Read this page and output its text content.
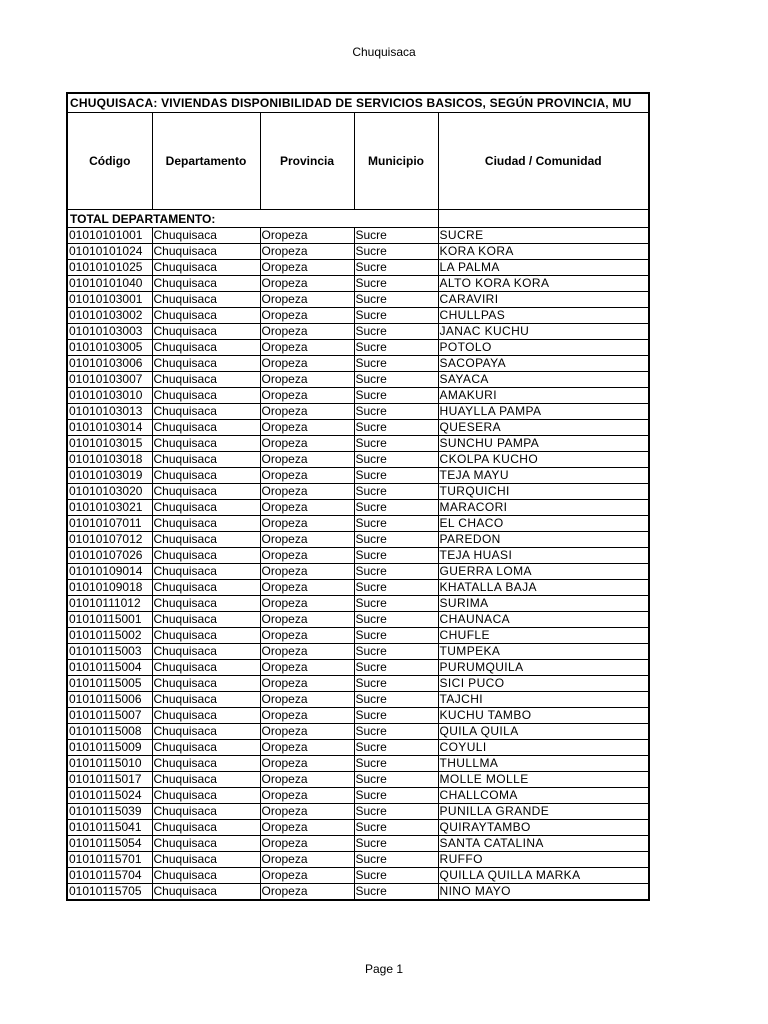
Chuquisaca
CHUQUISACA: VIVIENDAS DISPONIBILIDAD DE SERVICIOS BASICOS, SEGÚN PROVINCIA, MU				
Código	Departamento	Provincia	Municipio	Ciudad / Comunidad
TOTAL DEPARTAMENTO:				
01010101001	Chuquisaca	Oropeza	Sucre	SUCRE
01010101024	Chuquisaca	Oropeza	Sucre	KORA KORA
01010101025	Chuquisaca	Oropeza	Sucre	LA PALMA
01010101040	Chuquisaca	Oropeza	Sucre	ALTO KORA KORA
01010103001	Chuquisaca	Oropeza	Sucre	CARAVIRI
01010103002	Chuquisaca	Oropeza	Sucre	CHULLPAS
01010103003	Chuquisaca	Oropeza	Sucre	JANAC KUCHU
01010103005	Chuquisaca	Oropeza	Sucre	POTOLO
01010103006	Chuquisaca	Oropeza	Sucre	SACOPAYA
01010103007	Chuquisaca	Oropeza	Sucre	SAYACA
01010103010	Chuquisaca	Oropeza	Sucre	AMAKURI
01010103013	Chuquisaca	Oropeza	Sucre	HUAYLLA PAMPA
01010103014	Chuquisaca	Oropeza	Sucre	QUESERA
01010103015	Chuquisaca	Oropeza	Sucre	SUNCHU PAMPA
01010103018	Chuquisaca	Oropeza	Sucre	CKOLPA KUCHO
01010103019	Chuquisaca	Oropeza	Sucre	TEJA MAYU
01010103020	Chuquisaca	Oropeza	Sucre	TURQUICHI
01010103021	Chuquisaca	Oropeza	Sucre	MARACORI
01010107011	Chuquisaca	Oropeza	Sucre	EL CHACO
01010107012	Chuquisaca	Oropeza	Sucre	PAREDON
01010107026	Chuquisaca	Oropeza	Sucre	TEJA HUASI
01010109014	Chuquisaca	Oropeza	Sucre	GUERRA LOMA
01010109018	Chuquisaca	Oropeza	Sucre	KHATALLA BAJA
01010111012	Chuquisaca	Oropeza	Sucre	SURIMA
01010115001	Chuquisaca	Oropeza	Sucre	CHAUNACA
01010115002	Chuquisaca	Oropeza	Sucre	CHUFLE
01010115003	Chuquisaca	Oropeza	Sucre	TUMPEKA
01010115004	Chuquisaca	Oropeza	Sucre	PURUMQUILA
01010115005	Chuquisaca	Oropeza	Sucre	SICI PUCO
01010115006	Chuquisaca	Oropeza	Sucre	TAJCHI
01010115007	Chuquisaca	Oropeza	Sucre	KUCHU TAMBO
01010115008	Chuquisaca	Oropeza	Sucre	QUILA QUILA
01010115009	Chuquisaca	Oropeza	Sucre	COYULI
01010115010	Chuquisaca	Oropeza	Sucre	THULLMA
01010115017	Chuquisaca	Oropeza	Sucre	MOLLE MOLLE
01010115024	Chuquisaca	Oropeza	Sucre	CHALLCOMA
01010115039	Chuquisaca	Oropeza	Sucre	PUNILLA GRANDE
01010115041	Chuquisaca	Oropeza	Sucre	QUIRAYTAMBO
01010115054	Chuquisaca	Oropeza	Sucre	SANTA CATALINA
01010115701	Chuquisaca	Oropeza	Sucre	RUFFO
01010115704	Chuquisaca	Oropeza	Sucre	QUILLA QUILLA MARKA
01010115705	Chuquisaca	Oropeza	Sucre	NINO MAYO
Page 1
